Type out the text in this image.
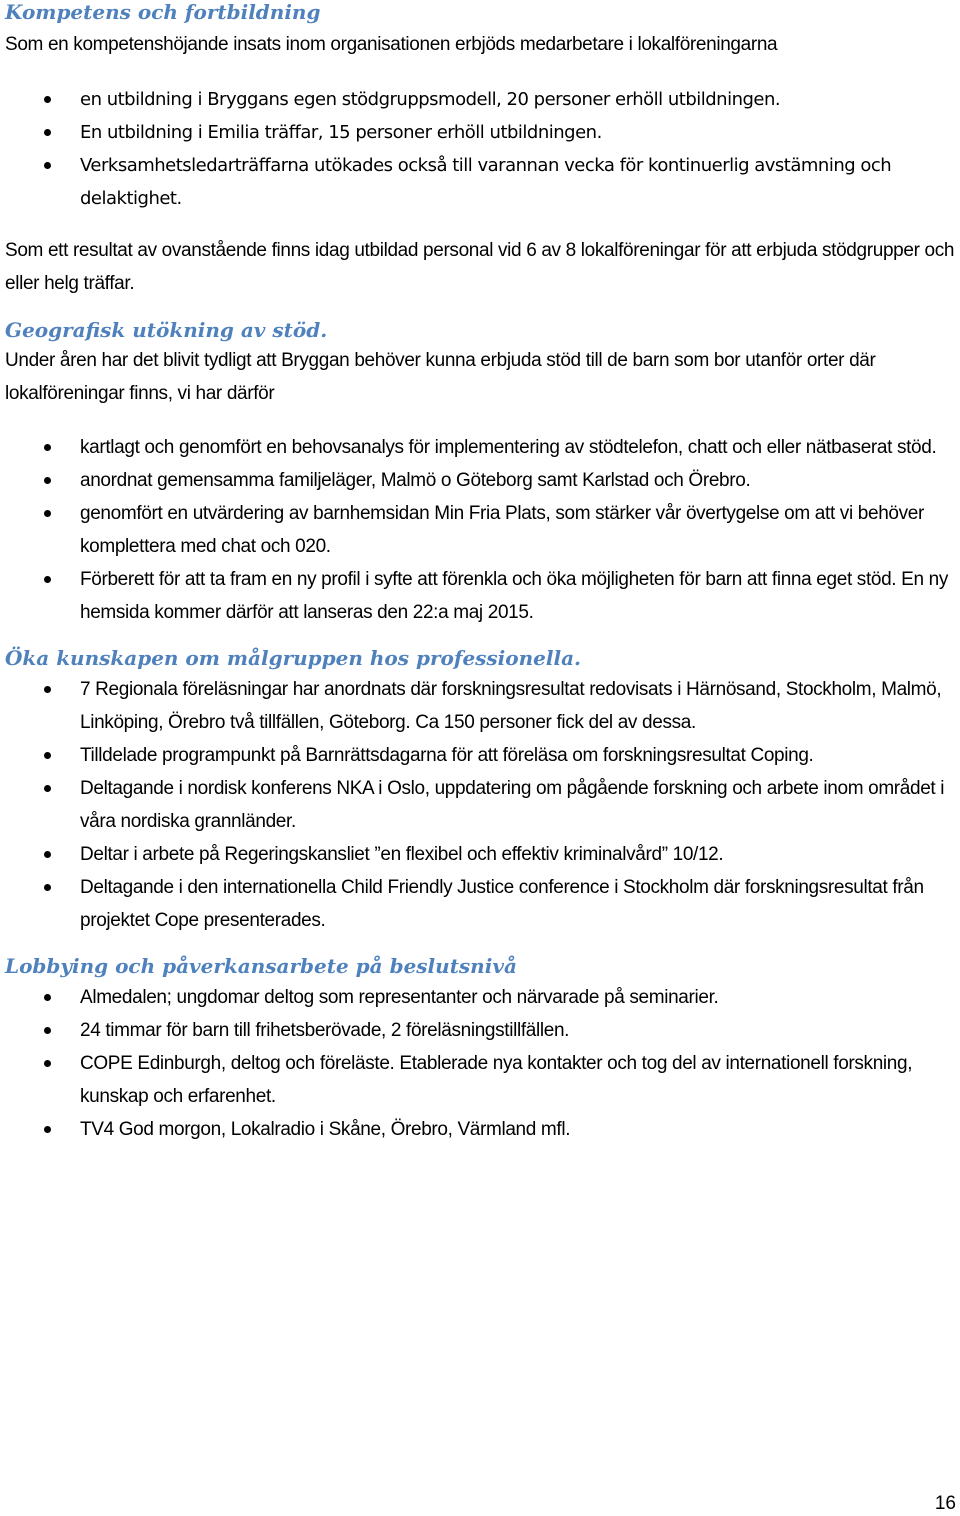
Kompetens och fortbildning

Som en kompetenshöjande insats inom organisationen erbjöds medarbetare i lokalföreningarna

en utbildning i Bryggans egen stödgruppsmodell, 20 personer erhöll utbildningen.
En utbildning i Emilia träffar, 15 personer erhöll utbildningen.
Verksamhetsledarträffarna utökades också till varannan vecka för kontinuerlig avstämning och delaktighet.

Som ett resultat av ovanstående finns idag utbildad personal vid 6 av 8 lokalföreningar för att erbjuda stödgrupper och eller helg träffar.

Geografisk utökning av stöd.

Under åren har det blivit tydligt att Bryggan behöver kunna erbjuda stöd till de barn som bor utanför orter där lokalföreningar finns, vi har därför

kartlagt och genomfört en behovsanalys för implementering av stödtelefon, chatt och eller nätbaserat stöd.
anordnat gemensamma familjeläger, Malmö o Göteborg samt Karlstad och Örebro.
genomfört en utvärdering av barnhemsidan Min Fria Plats, som stärker vår övertygelse om att vi behöver komplettera med chat och 020.
Förberett för att ta fram en ny profil i syfte att förenkla och öka möjligheten för barn att finna eget stöd. En ny hemsida kommer därför att lanseras den 22:a maj 2015.
Öka kunskapen om målgruppen hos professionella.
7 Regionala föreläsningar har anordnats där forskningsresultat redovisats i Härnösand, Stockholm, Malmö, Linköping, Örebro två tillfällen, Göteborg. Ca 150 personer fick del av dessa.
Tilldelade programpunkt på Barnrättsdagarna för att föreläsa om forskningsresultat Coping.
Deltagande i nordisk konferens NKA i Oslo, uppdatering om pågående forskning och arbete inom området i våra nordiska grannländer.
Deltar i arbete på Regeringskansliet ”en flexibel och effektiv kriminalvård” 10/12.
Deltagande i den internationella Child Friendly Justice conference i Stockholm där forskningsresultat från projektet Cope presenterades.
Lobbying och påverkansarbete på beslutsnivå
Almedalen; ungdomar deltog som representanter och närvarade på seminarier.
24 timmar för barn till frihetsberövade, 2 föreläsningstillfällen.
COPE Edinburgh, deltog och föreläste. Etablerade nya kontakter och tog del av internationell forskning, kunskap och erfarenhet.
TV4 God morgon, Lokalradio i Skåne, Örebro, Värmland mfl.
16
